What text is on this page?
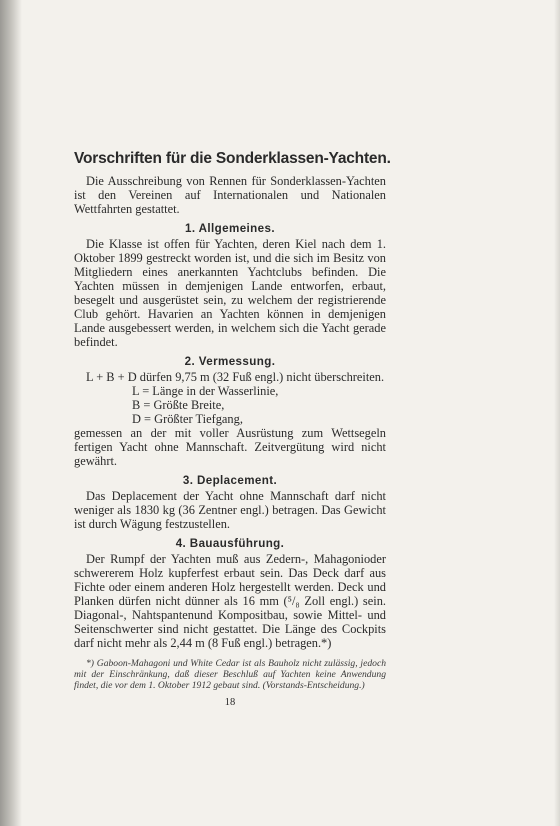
Vorschriften für die Sonderklassen-Yachten.

Die Ausschreibung von Rennen für Sonderklassen-Yachten ist den Vereinen auf Internationalen und Nationalen Wettfahrten gestattet.

1. Allgemeines.

Die Klasse ist offen für Yachten, deren Kiel nach dem 1. Oktober 1899 gestreckt worden ist, und die sich im Besitz von Mitgliedern eines anerkannten Yachtclubs befinden. Die Yachten müssen in demjenigen Lande entworfen, erbaut, besegelt und ausgerüstet sein, zu welchem der registrierende Club gehört. Havarien an Yachten können in demjenigen Lande ausgebessert werden, in welchem sich die Yacht gerade befindet.

2. Vermessung.

L + B + D dürfen 9,75 m (32 Fuß engl.) nicht überschreiten.

L = Länge in der Wasserlinie,
B = Größte Breite,
D = Größter Tiefgang,

gemessen an der mit voller Ausrüstung zum Wettsegeln fertigen Yacht ohne Mannschaft. Zeitvergütung wird nicht gewährt.

3. Deplacement.

Das Deplacement der Yacht ohne Mannschaft darf nicht weniger als 1830 kg (36 Zentner engl.) betragen. Das Gewicht ist durch Wägung festzustellen.

4. Bauausführung.

Der Rumpf der Yachten muß aus Zedern-, Mahagonioder schwererem Holz kupferfest erbaut sein. Das Deck darf aus Fichte oder einem anderen Holz hergestellt werden. Deck und Planken dürfen nicht dünner als 16 mm (⁵/₈ Zoll engl.) sein. Diagonal-, Nahtspantenund Kompositbau, sowie Mittel- und Seitenschwerter sind nicht gestattet. Die Länge des Cockpits darf nicht mehr als 2,44 m (8 Fuß engl.) betragen.*)

*) Gaboon-Mahagoni und White Cedar ist als Bauholz nicht zulässig, jedoch mit der Einschränkung, daß dieser Beschluß auf Yachten keine Anwendung findet, die vor dem 1. Oktober 1912 gebaut sind. (Vorstands-Entscheidung.)
18
